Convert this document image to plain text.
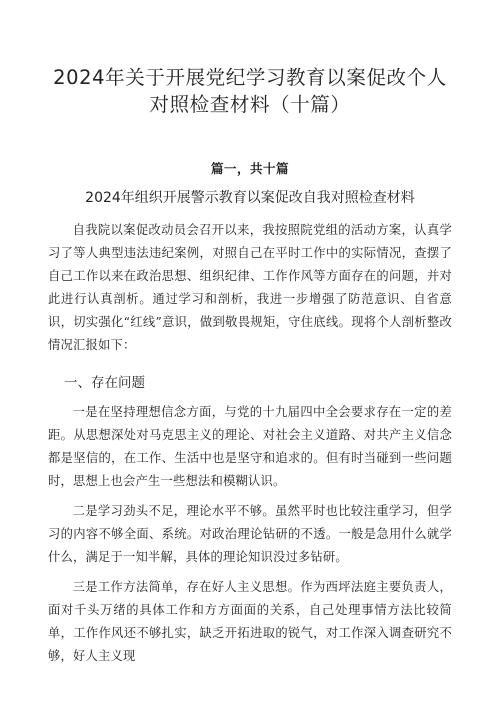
2024年关于开展党纪学习教育以案促改个人对照检查材料（十篇）
篇一，共十篇
2024年组织开展警示教育以案促改自我对照检查材料

自我院以案促改动员会召开以来，我按照院党组的活动方案，认真学习了等人典型违法违纪案例，对照自己在平时工作中的实际情况，查摆了自己工作以来在政治思想、组织纪律、工作作风等方面存在的问题，并对此进行认真剖析。通过学习和剖析，我进一步增强了防范意识、自省意识，切实强化“红线”意识，做到敬畏规矩，守住底线。现将个人剖析整改情况汇报如下：

一、存在问题

一是在坚持理想信念方面，与党的十九届四中全会要求存在一定的差距。从思想深处对马克思主义的理论、对社会主义道路、对共产主义信念都是坚信的，在工作、生活中也是坚守和追求的。但有时当碰到一些问题时，思想上也会产生一些想法和模糊认识。

二是学习劲头不足，理论水平不够。虽然平时也比较注重学习，但学习的内容不够全面、系统。对政治理论钻研的不透。一般是急用什么就学什么，满足于一知半解，具体的理论知识没过多钻研。

三是工作方法简单，存在好人主义思想。作为西坪法庭主要负责人，面对千头万绪的具体工作和方方面面的关系，自己处理事情方法比较简单，工作作风还不够扎实，缺乏开拓进取的锐气，对工作深入调查研究不够，好人主义现
